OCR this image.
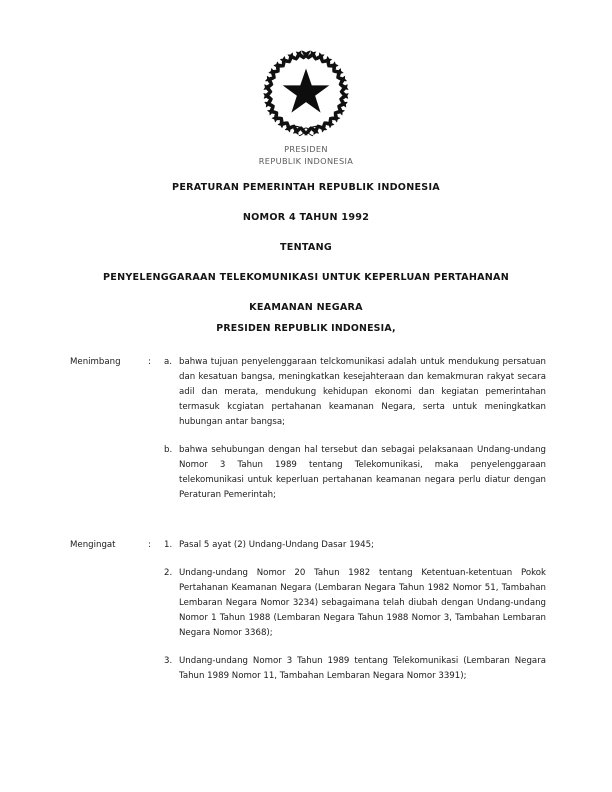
PRESIDEN
REPUBLIK INDONESIA
PERATURAN PEMERINTAH REPUBLIK INDONESIA
NOMOR 4 TAHUN 1992
TENTANG
PENYELENGGARAAN TELEKOMUNIKASI UNTUK KEPERLUAN PERTAHANAN
KEAMANAN NEGARA
PRESIDEN REPUBLIK INDONESIA,
Menimbang	:	a. bahwa tujuan penyelenggaraan telckomunikasi adalah untuk mendukung persatuan dan kesatuan bangsa, meningkatkan kesejahteraan dan kemakmuran rakyat secara adil dan merata, mendukung kehidupan ekonomi dan kegiatan pemerintahan termasuk kcgiatan pertahanan keamanan Negara, serta untuk meningkatkan hubungan antar bangsa;
b. bahwa sehubungan dengan hal tersebut dan sebagai pelaksanaan Undang-undang Nomor 3 Tahun 1989 tentang Telekomunikasi, maka penyelenggaraan telekomunikasi untuk keperluan pertahanan keamanan negara perlu diatur dengan Peraturan Pemerintah;
Mengingat	:	1. Pasal 5 ayat (2) Undang-Undang Dasar 1945;
2. Undang-undang Nomor 20 Tahun 1982 tentang Ketentuan-ketentuan Pokok Pertahanan Keamanan Negara (Lembaran Negara Tahun 1982 Nomor 51, Tambahan Lembaran Negara Nomor 3234) sebagaimana telah diubah dengan Undang-undang Nomor 1 Tahun 1988 (Lembaran Negara Tahun 1988 Nomor 3, Tambahan Lembaran Negara Nomor 3368);
3. Undang-undang Nomor 3 Tahun 1989 tentang Telekomunikasi (Lembaran Negara Tahun 1989 Nomor 11, Tambahan Lembaran Negara Nomor 3391);
